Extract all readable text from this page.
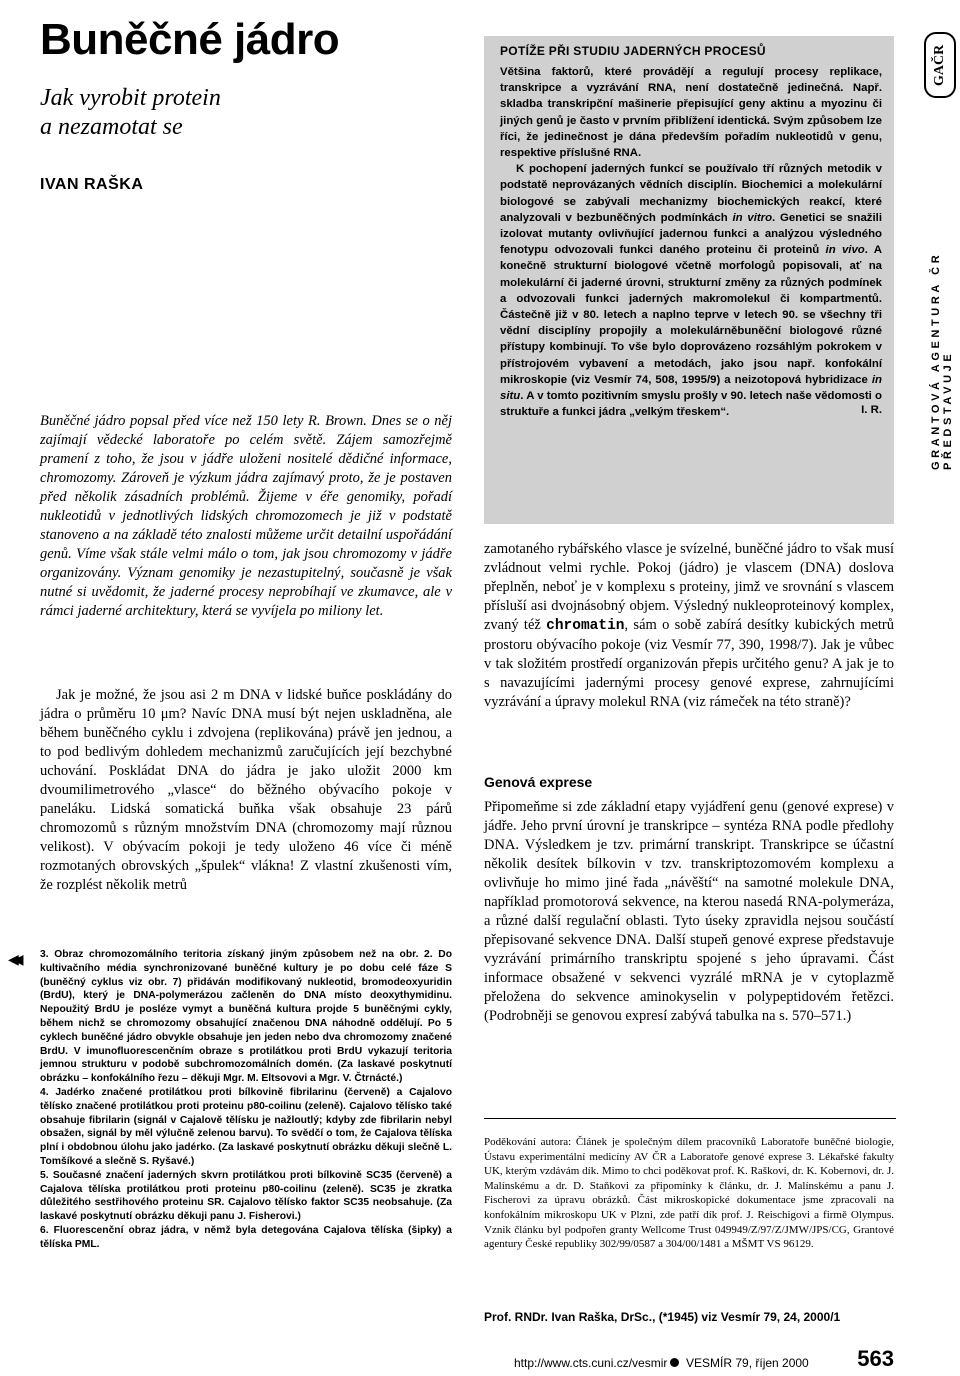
Buněčné jádro
Jak vyrobit protein
a nezamotat se
IVAN RAŠKA

Buněčné jádro popsal před více než 150 lety R. Brown. Dnes se o něj zajímají vědecké laboratoře po celém světě. Zájem samozřejmě pramení z toho, že jsou v jádře uloženi nositelé dědičné informace, chromozomy. Zároveň je výzkum jádra zajímavý proto, že je postaven před několik zásadních problémů. Žijeme v éře genomiky, pořadí nukleotidů v jednotlivých lidských chromozomech je již v podstatě stanoveno a na základě této znalosti můžeme určit detailní uspořádání genů. Víme však stále velmi málo o tom, jak jsou chromozomy v jádře organizovány. Význam genomiky je nezastupitelný, současně je však nutné si uvědomit, že jaderné procesy neprobíhají ve zkumavce, ale v rámci jaderné architektury, která se vyvíjela po miliony let.

Jak je možné, že jsou asi 2 m DNA v lidské buňce poskládány do jádra o průměru 10 μm? Navíc DNA musí být nejen uskladněna, ale během buněčného cyklu i zdvojena (replikována) právě jen jednou, a to pod bedlivým dohledem mechanizmů zaručujících její bezchybné uchování. Poskládat DNA do jádra je jako uložit 2000 km dvoumilimetrového „vlasce“ do běžného obývacího pokoje v paneláku. Lidská somatická buňka však obsahuje 23 párů chromozomů s různým množstvím DNA (chromozomy mají různou velikost). V obývacím pokoji je tedy uloženo 46 více či méně rozmotaných obrovských „špulek“ vlákna! Z vlastní zkušenosti vím, že rozplést několik metrů

◀◀ 3. Obraz chromozomálního teritoria získaný jiným způsobem než na obr. 2. Do kultivačního média synchronizované buněčné kultury je po dobu celé fáze S (buněčný cyklus viz obr. 7) přidáván modifikovaný nukleotid, bromodeoxyuridin (BrdU), který je DNA-polymerázou začleněn do DNA místo deoxythymidinu. Nepoužitý BrdU je posléze vymyt a buněčná kultura projde 5 buněčnými cykly, během nichž se chromozomy obsahující značenou DNA náhodně oddělují. Po 5 cyklech buněčné jádro obvykle obsahuje jen jeden nebo dva chromozomy značené BrdU. V imunofluorescenčním obraze s protilátkou proti BrdU vykazují teritoria jemnou strukturu v podobě subchromozomálních domén. (Za laskavé poskytnutí obrázku – konfokálního řezu – děkuji Mgr. M. Eltsovovi a Mgr. V. Čtrnácté.)

4. Jadérko značené protilátkou proti bílkovině fibrilarinu (červeně) a Cajalovo tělísko značené protilátkou proti proteinu p80-coilinu (zeleně). Cajalovo tělísko také obsahuje fibrilarin (signál v Cajalově tělísku je nažloutlý; kdyby zde fibrilarin nebyl obsažen, signál by měl výlučně zelenou barvu). To svědčí o tom, že Cajalova tělíska plní i obdobnou úlohu jako jadérko. (Za laskavé poskytnutí obrázku děkuji slečně L. Tomšíkové a slečně S. Ryšavé.)

5. Současné značení jaderných skvrn protilátkou proti bílkovině SC35 (červeně) a Cajalova tělíska protilátkou proti proteinu p80-coilinu (zeleně). SC35 je zkratka důležitého sestřihového proteinu SR. Cajalovo tělísko faktor SC35 neobsahuje. (Za laskavé poskytnutí obrázku děkuji panu J. Fisherovi.)

6. Fluorescenční obraz jádra, v němž byla detegována Cajalova tělíska (šipky) a tělíska PML.

POTÍŽE PŘI STUDIU JADERNÝCH PROCESŮ

Většina faktorů, které provádějí a regulují procesy replikace, transkripce a vyzrávání RNA, není dostatečně jedinečná. Např. skladba transkripční mašinerie přepisující geny aktinu a myozinu či jiných genů je často v prvním přiblížení identická. Svým způsobem lze říci, že jedinečnost je dána především pořadím nukleotidů v genu, respektive příslušné RNA.

K pochopení jaderných funkcí se používalo tří různých metodik v podstatě neprovázaných vědních disciplín. Biochemici a molekulární biologové se zabývali mechanizmy biochemických reakcí, které analyzovali v bezbuněčných podmínkách in vitro. Genetici se snažili izolovat mutanty ovlivňující jadernou funkci a analýzou výsledného fenotypu odvozovali funkci daného proteinu či proteinů in vivo. A konečně strukturní biologové včetně morfologů popisovali, ať na molekulární či jaderné úrovni, strukturní změny za různých podmínek a odvozovali funkci jaderných makromolekul či kompartmentů. Částečně již v 80. letech a naplno teprve v letech 90. se všechny tři vědní disciplíny propojily a molekulárněbuněční biologové různé přístupy kombinují. To vše bylo doprovázeno rozsáhlým pokrokem v přístrojovém vybavení a metodách, jako jsou např. konfokální mikroskopie (viz Vesmír 74, 508, 1995/9) a neizotopová hybridizace in situ. A v tomto pozitivním smyslu prošly v 90. letech naše vědomosti o struktuře a funkci jádra „velkým třeskem“.	I. R.

zamotaného rybářského vlasce je svízelné, buněčné jádro to však musí zvládnout velmi rychle. Pokoj (jádro) je vlascem (DNA) doslova přeplněn, neboť je v komplexu s proteiny, jimž ve srovnání s vlascem přísluší asi dvojnásobný objem. Výsledný nukleoproteinový komplex, zvaný též chromatin, sám o sobě zabírá desítky kubických metrů prostoru obývacího pokoje (viz Vesmír 77, 390, 1998/7). Jak je vůbec v tak složitém prostředí organizován přepis určitého genu? A jak je to s navazujícími jadernými procesy genové exprese, zahrnujícími vyzrávání a úpravy molekul RNA (viz rámeček na této straně)?

Genová exprese

Připomeňme si zde základní etapy vyjádření genu (genové exprese) v jádře. Jeho první úrovní je transkripce – syntéza RNA podle předlohy DNA. Výsledkem je tzv. primární transkript. Transkripce se účastní několik desítek bílkovin v tzv. transkriptozomovém komplexu a ovlivňuje ho mimo jiné řada „návěští“ na samotné molekule DNA, například promotorová sekvence, na kterou nasedá RNA-polymeráza, a různé další regulační oblasti. Tyto úseky zpravidla nejsou součástí přepisované sekvence DNA. Další stupeň genové exprese představuje vyzrávání primárního transkriptu spojené s jeho úpravami. Část informace obsažené v sekvenci vyzrálé mRNA je v cytoplazmě přeložena do sekvence aminokyselin v polypeptidovém řetězci. (Podrobněji se genovou expresí zabývá tabulka na s. 570–571.)

Poděkování autora: Článek je společným dílem pracovníků Laboratoře buněčné biologie, Ústavu experimentální medicíny AV ČR a Laboratoře genové exprese 3. Lékařské fakulty UK, kterým vzdávám dík. Mimo to chci poděkovat prof. K. Raškovi, dr. K. Kobernovi, dr. J. Malínskému a dr. D. Staňkovi za připomínky k článku, dr. J. Malínskému a panu J. Fischerovi za úpravu obrázků. Část mikroskopické dokumentace jsme zpracovali na konfokálním mikroskopu UK v Plzni, zde patří dík prof. J. Reischigovi a firmě Olympus. Vznik článku byl podpořen granty Wellcome Trust 049949/Z/97/Z/JMW/JPS/CG, Grantové agentury České republiky 302/99/0587 a 304/00/1481 a MŠMT VS 96129.

Prof. RNDr. Ivan Raška, DrSc., (*1945) viz Vesmír 79, 24, 2000/1
http://www.cts.cuni.cz/vesmir VESMÍR 79, říjen 2000 563
GAČR
GRANTOVÁ AGENTURA ČR PŘEDSTAVUJE
